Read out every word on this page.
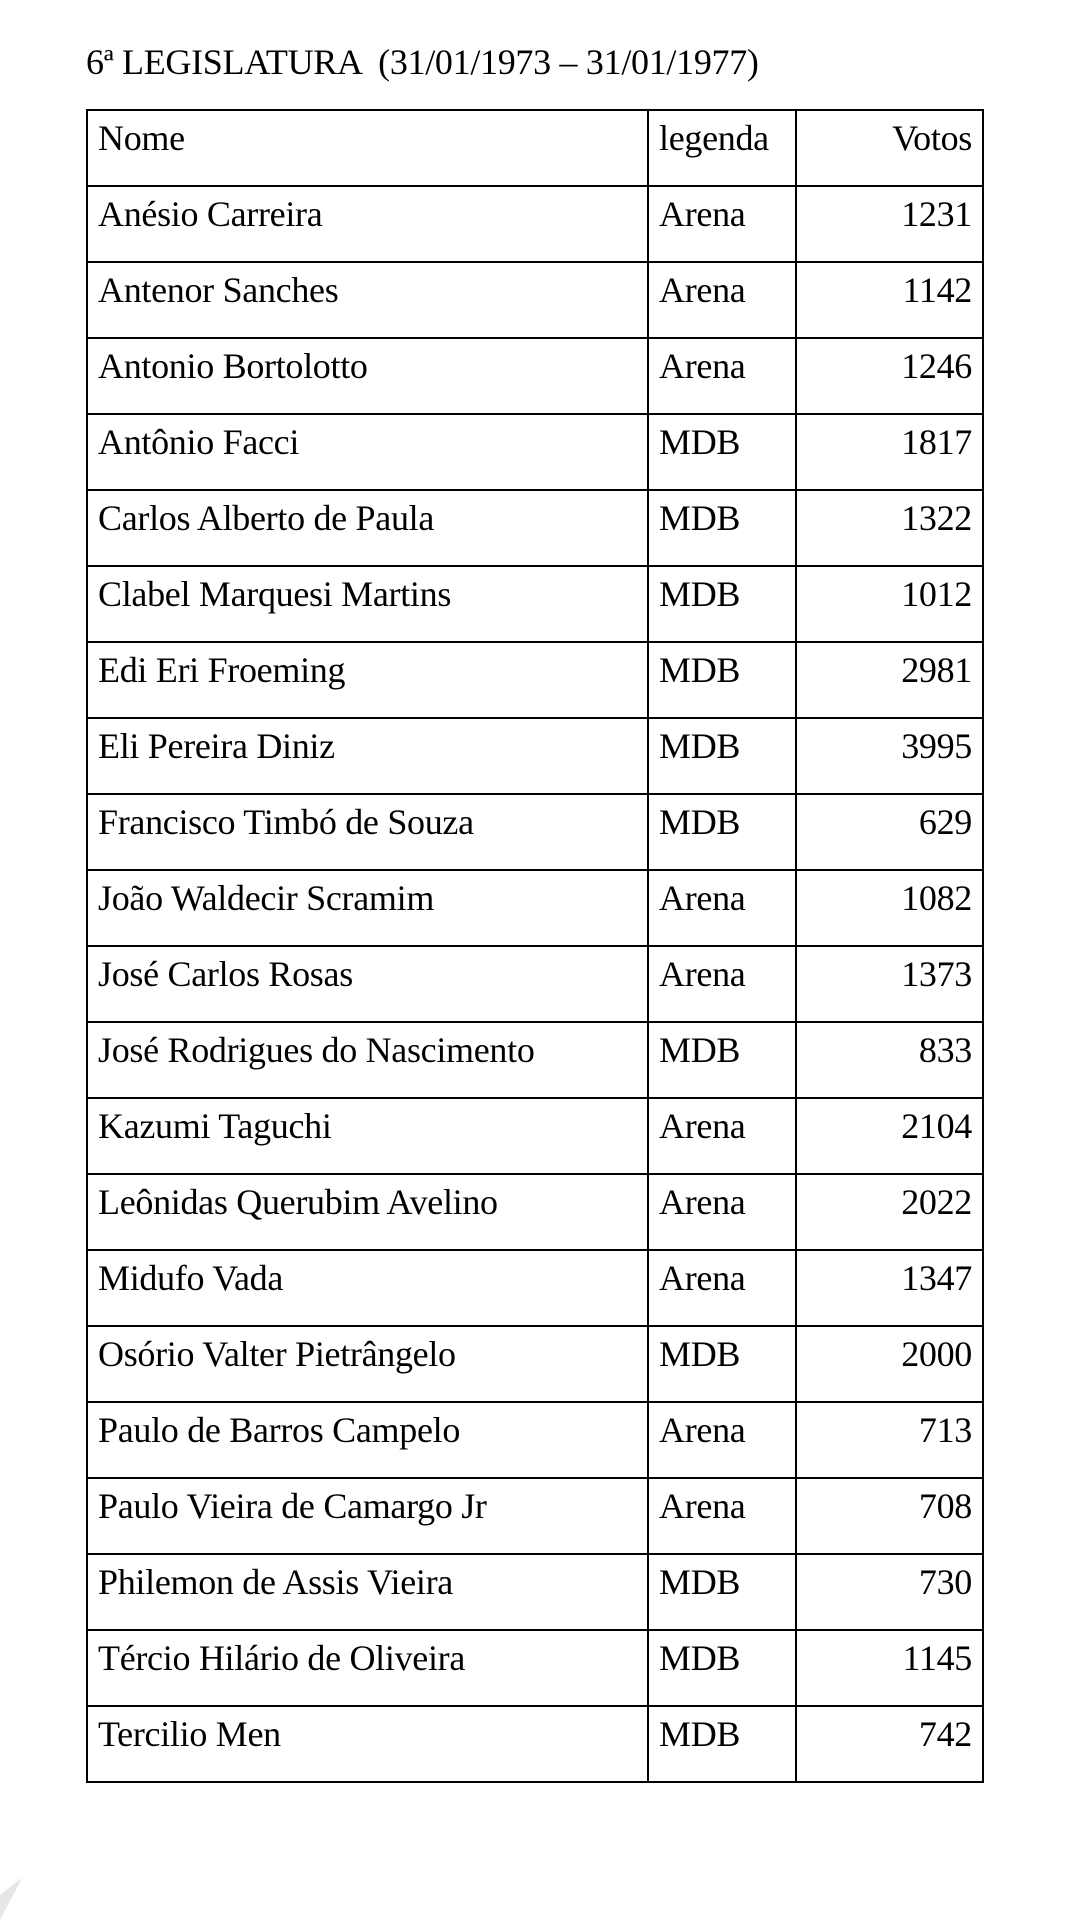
6ª LEGISLATURA  (31/01/1973 – 31/01/1977)
Nome	legenda	Votos
Anésio Carreira	Arena	1231
Antenor Sanches	Arena	1142
Antonio Bortolotto	Arena	1246
Antônio Facci	MDB	1817
Carlos Alberto de Paula	MDB	1322
Clabel Marquesi Martins	MDB	1012
Edi Eri Froeming	MDB	2981
Eli Pereira Diniz	MDB	3995
Francisco Timbó de Souza	MDB	629
João Waldecir Scramim	Arena	1082
José Carlos Rosas	Arena	1373
José Rodrigues do Nascimento	MDB	833
Kazumi Taguchi	Arena	2104
Leônidas Querubim Avelino	Arena	2022
Midufo Vada	Arena	1347
Osório Valter Pietrângelo	MDB	2000
Paulo de Barros Campelo	Arena	713
Paulo Vieira de Camargo Jr	Arena	708
Philemon de Assis Vieira	MDB	730
Tércio Hilário de Oliveira	MDB	1145
Tercilio Men	MDB	742
